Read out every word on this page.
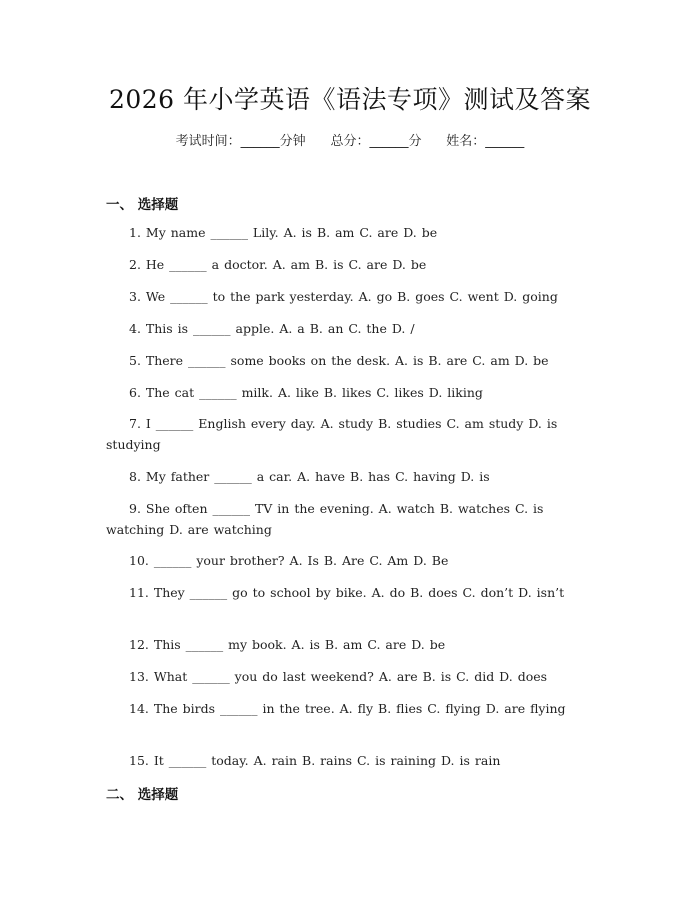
2026 年小学英语《语法专项》测试及答案
考试时间：______分钟 总分：______分 姓名：______
一、 选择题
1. My name ______ Lily. A. is B. am C. are D. be
2. He ______ a doctor. A. am B. is C. are D. be
3. We ______ to the park yesterday. A. go B. goes C. went D. going
4. This is ______ apple. A. a B. an C. the D. /
5. There ______ some books on the desk. A. is B. are C. am D. be
6. The cat ______ milk. A. like B. likes C. likes D. liking
7. I ______ English every day. A. study B. studies C. am study D. is studying
8. My father ______ a car. A. have B. has C. having D. is
9. She often ______ TV in the evening. A. watch B. watches C. is watching D. are watching
10. ______ your brother? A. Is B. Are C. Am D. Be
11. They ______ go to school by bike. A. do B. does C. don’t D. isn’t
12. This ______ my book. A. is B. am C. are D. be
13. What ______ you do last weekend? A. are B. is C. did D. does
14. The birds ______ in the tree. A. fly B. flies C. flying D. are flying
15. It ______ today. A. rain B. rains C. is raining D. is rain
二、 选择题
